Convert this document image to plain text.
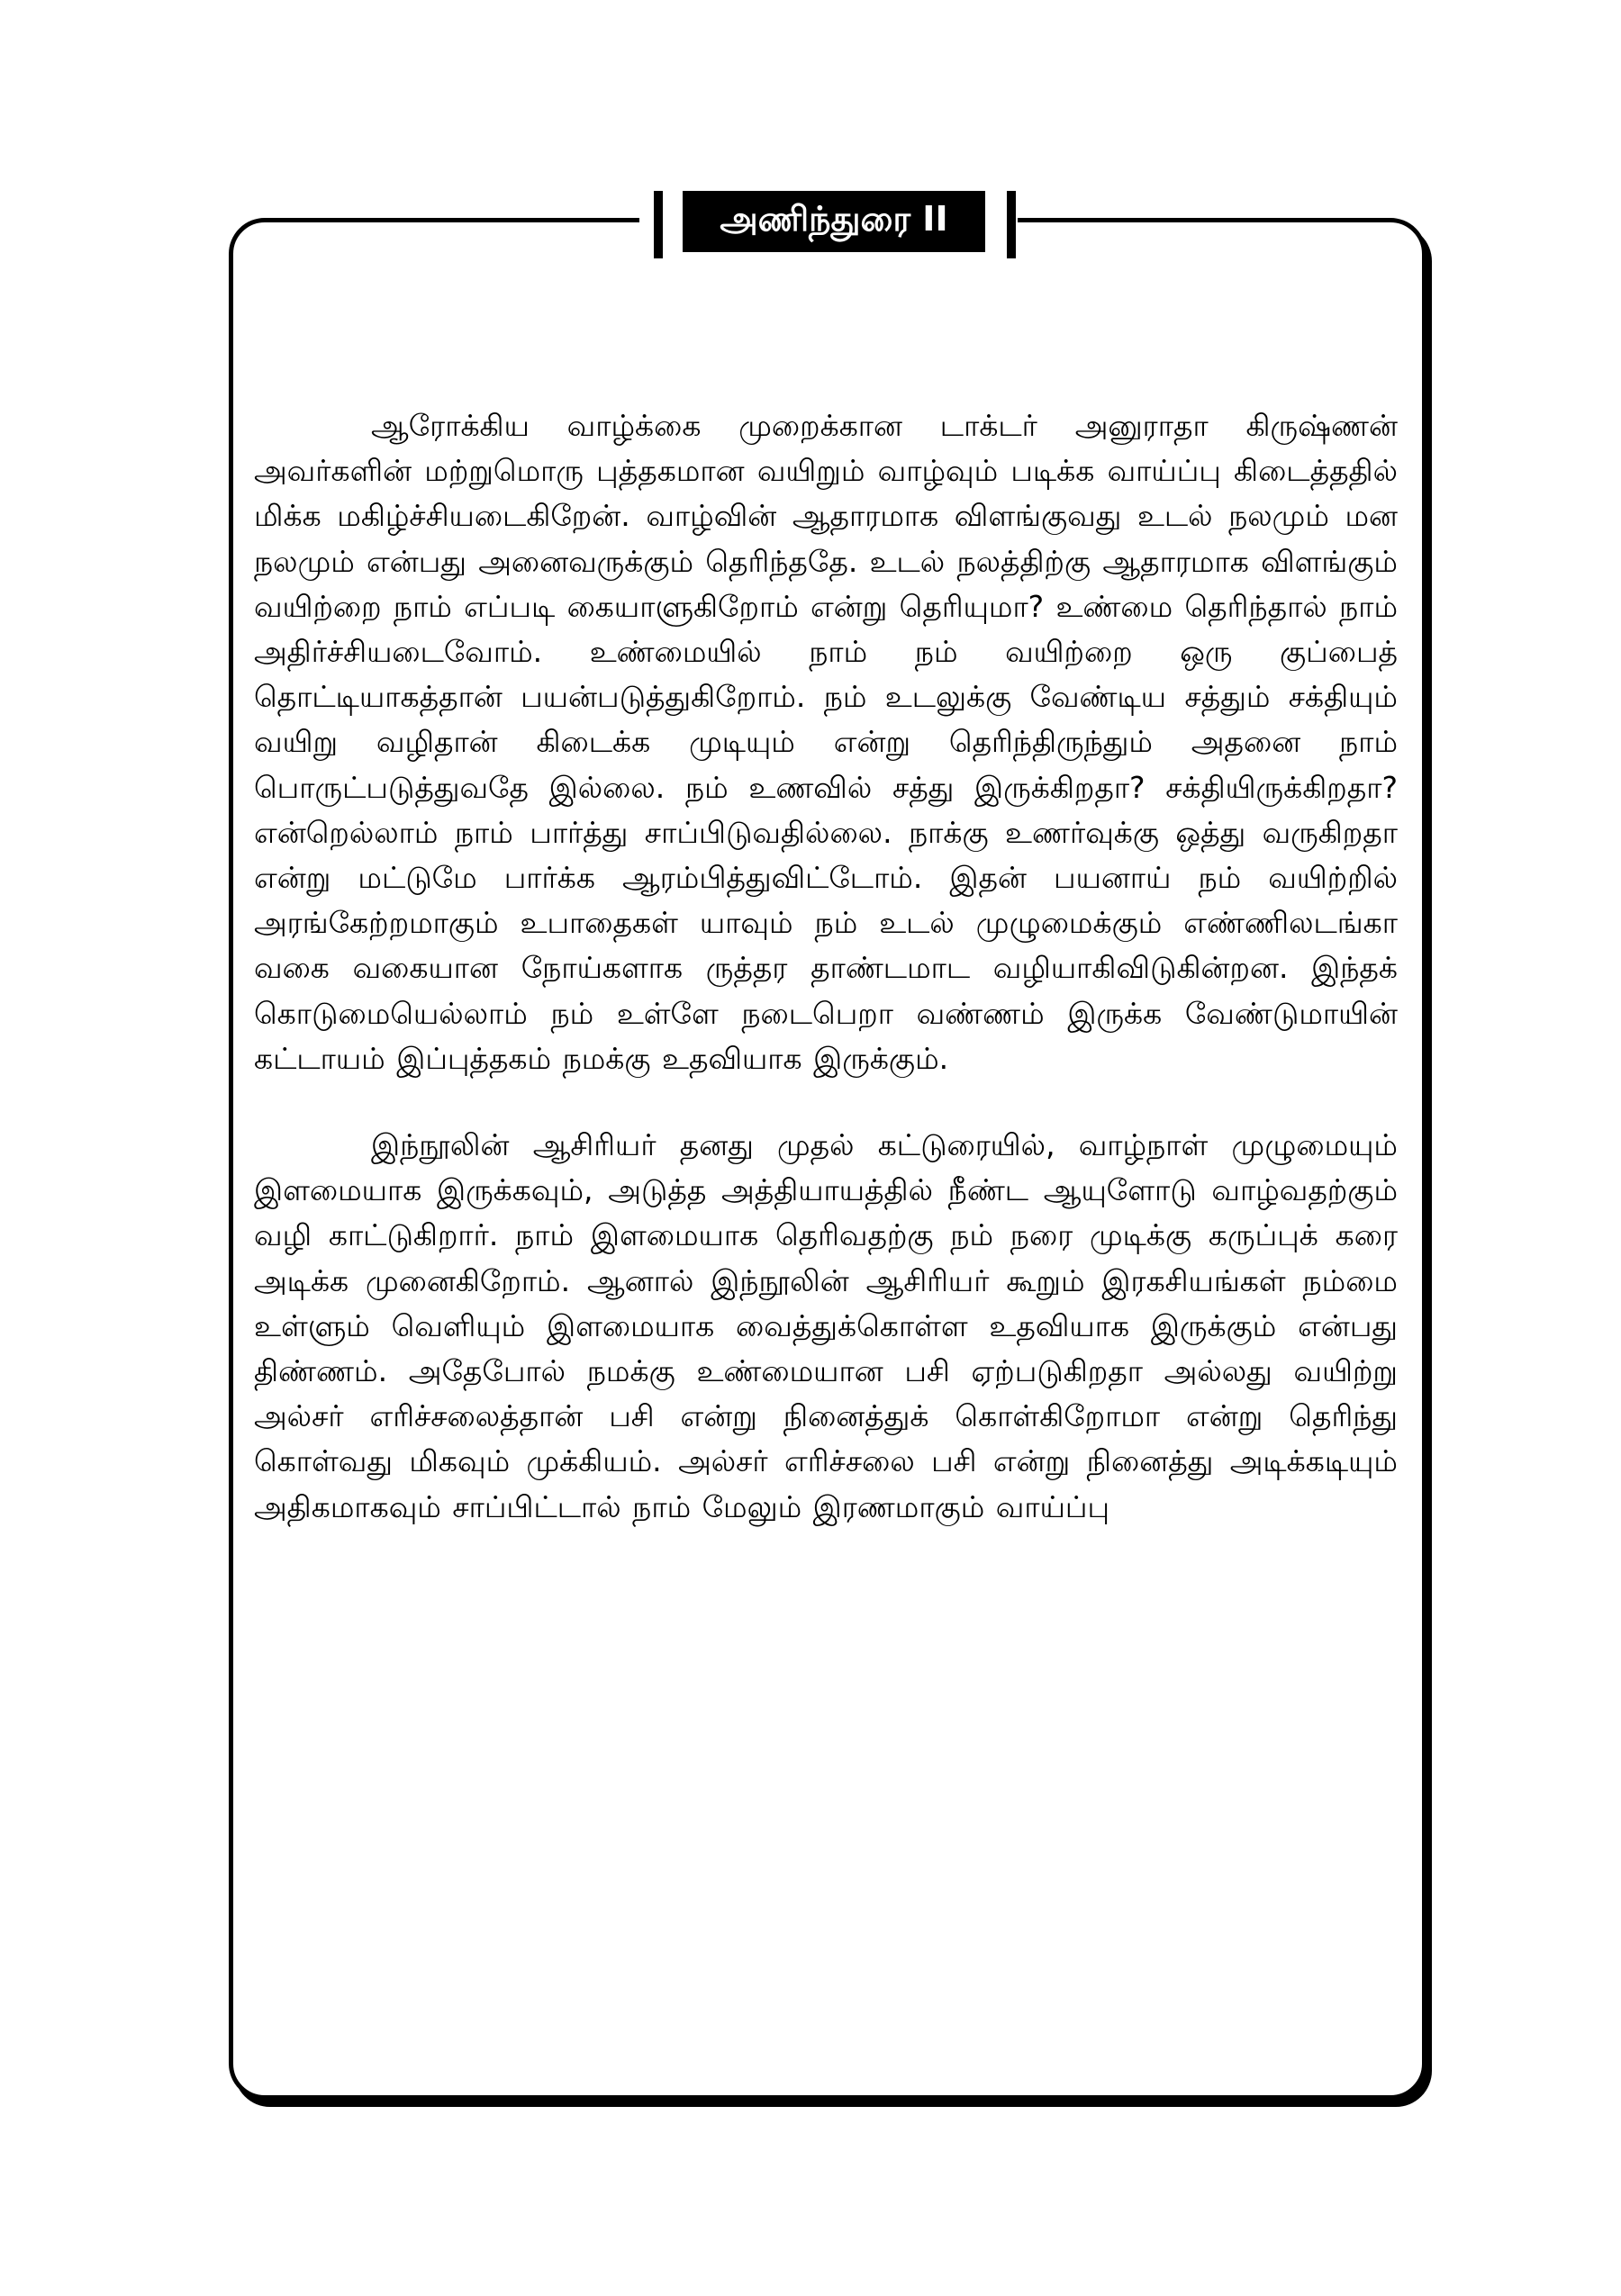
அணிந்துரை II

ஆரோக்கிய வாழ்க்கை முறைக்கான டாக்டர் அனுராதா கிருஷ்ணன் அவர்களின் மற்றுமொரு புத்தகமான வயிறும் வாழ்வும் படிக்க வாய்ப்பு கிடைத்ததில் மிக்க மகிழ்ச்சியடைகிறேன். வாழ்வின் ஆதாரமாக விளங்குவது உடல் நலமும் மன நலமும் என்பது அனைவருக்கும் தெரிந்ததே. உடல் நலத்திற்கு ஆதாரமாக விளங்கும் வயிற்றை நாம் எப்படி கையாளுகிறோம் என்று தெரியுமா? உண்மை தெரிந்தால் நாம் அதிர்ச்சியடைவோம். உண்மையில் நாம் நம் வயிற்றை ஒரு குப்பைத் தொட்டியாகத்தான் பயன்படுத்துகிறோம். நம் உடலுக்கு வேண்டிய சத்தும் சக்தியும் வயிறு வழிதான் கிடைக்க முடியும் என்று தெரிந்திருந்தும் அதனை நாம் பொருட்படுத்துவதே இல்லை. நம் உணவில் சத்து இருக்கிறதா? சக்தியிருக்கிறதா? என்றெல்லாம் நாம் பார்த்து சாப்பிடுவதில்லை. நாக்கு உணர்வுக்கு ஒத்து வருகிறதா என்று மட்டுமே பார்க்க ஆரம்பித்துவிட்டோம். இதன் பயனாய் நம் வயிற்றில் அரங்கேற்றமாகும் உபாதைகள் யாவும் நம் உடல் முழுமைக்கும் எண்ணிலடங்கா வகை வகையான நோய்களாக ருத்தர தாண்டமாட வழியாகிவிடுகின்றன. இந்தக் கொடுமையெல்லாம் நம் உள்ளே நடைபெறா வண்ணம் இருக்க வேண்டுமாயின் கட்டாயம் இப்புத்தகம் நமக்கு உதவியாக இருக்கும்.

இந்நூலின் ஆசிரியர் தனது முதல் கட்டுரையில், வாழ்நாள் முழுமையும் இளமையாக இருக்கவும், அடுத்த அத்தியாயத்தில் நீண்ட ஆயுளோடு வாழ்வதற்கும் வழி காட்டுகிறார். நாம் இளமையாக தெரிவதற்கு நம் நரை முடிக்கு கருப்புக் கரை அடிக்க முனைகிறோம். ஆனால் இந்நூலின் ஆசிரியர் கூறும் இரகசியங்கள் நம்மை உள்ளும் வெளியும் இளமையாக வைத்துக்கொள்ள உதவியாக இருக்கும் என்பது திண்ணம். அதேபோல் நமக்கு உண்மையான பசி ஏற்படுகிறதா அல்லது வயிற்று அல்சர் எரிச்சலைத்தான் பசி என்று நினைத்துக் கொள்கிறோமா என்று தெரிந்து கொள்வது மிகவும் முக்கியம். அல்சர் எரிச்சலை பசி என்று நினைத்து அடிக்கடியும் அதிகமாகவும் சாப்பிட்டால் நாம் மேலும் இரணமாகும் வாய்ப்பு
